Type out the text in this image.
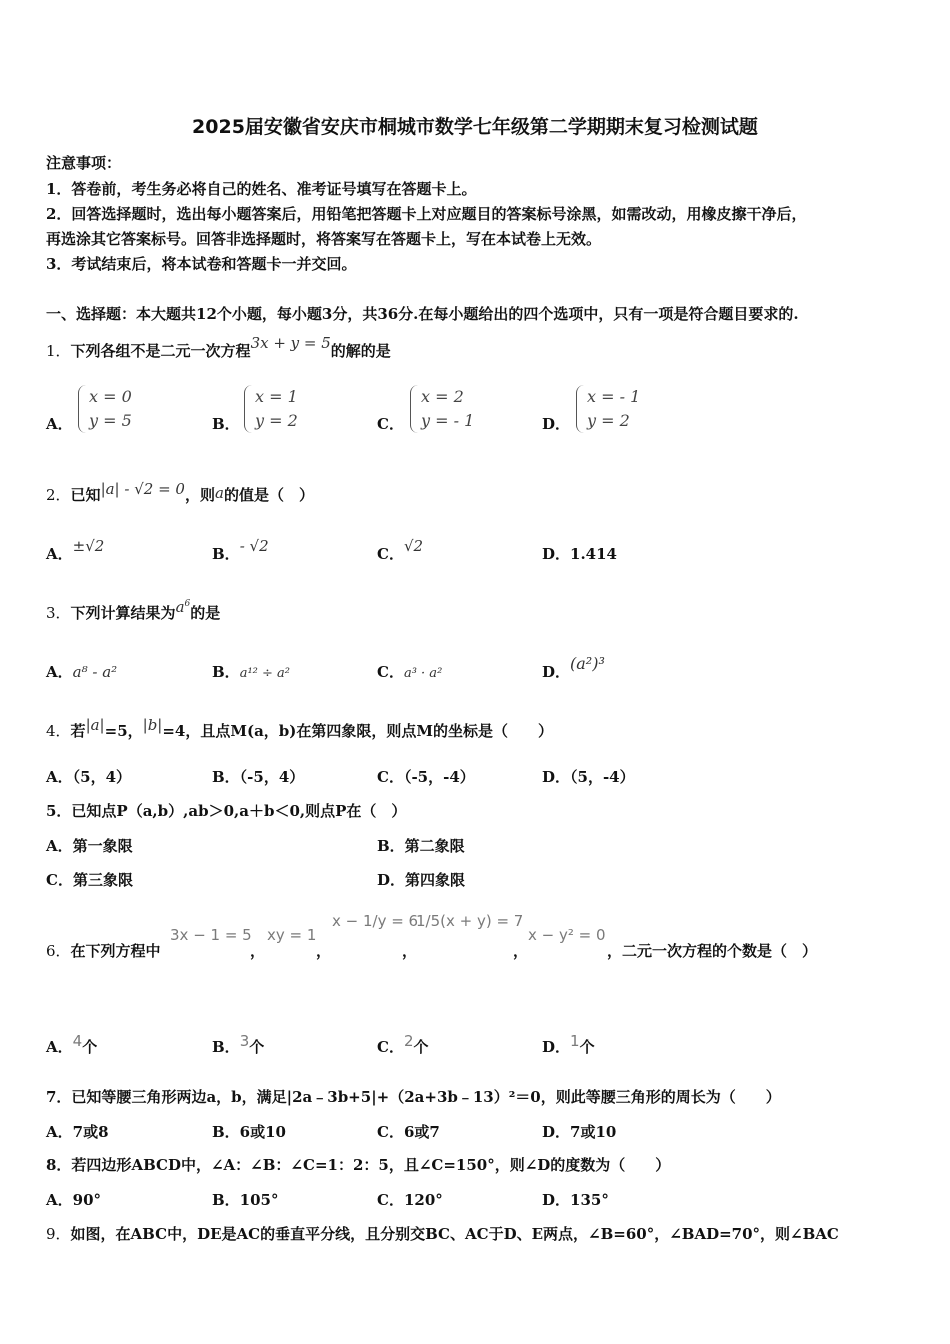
2025届安徽省安庆市桐城市数学七年级第二学期期末复习检测试题
注意事项：
1．答卷前，考生务必将自己的姓名、准考证号填写在答题卡上。
2．回答选择题时，选出每小题答案后，用铅笔把答题卡上对应题目的答案标号涂黑，如需改动，用橡皮擦干净后，
再选涂其它答案标号。回答非选择题时，将答案写在答题卡上，写在本试卷上无效。
3．考试结束后，将本试卷和答题卡一并交回。
一、选择题：本大题共12个小题，每小题3分，共36分.在每小题给出的四个选项中，只有一项是符合题目要求的.
1．下列各组不是二元一次方程3x + y = 5的解的是
A．
x = 0
y = 5	B．
x = 1
y = 2	C．
x = 2
y = - 1	D．
x = - 1
y = 2
2．已知|a| - √2 = 0，则a的值是（　）
A．±√2	B．- √2	C．√2	D．1.414
3．下列计算结果为$a^6$的是
A．a⁸ - a²	B．a¹² ÷ a²	C．a³ · a²	D．(a²)³
4．若|a|=5，|b|=4，且点M(a，b)在第四象限，则点M的坐标是（　　）
A．（5，4）	B．（-5，4）	C．（-5，-4）	D．（5，-4）
5．已知点P（a,b）,ab＞0,a＋b＜0,则点P在（　）
A．第一象限	B．第二象限
C．第三象限	D．第四象限
6．在下列方程中
3x − 1 = 5
，
xy = 1
，
x − 1/y = 6
，
1/5(x + y) = 7
，
x − y² = 0
，二元一次方程的个数是（　）
A．4个	B．3个	C．2个	D．1个
7．已知等腰三角形两边a，b，满足|2a﹣3b+5|+（2a+3b﹣13）²＝0，则此等腰三角形的周长为（　　）
A．7或8	B．6或10	C．6或7	D．7或10
8．若四边形ABCD中，∠A：∠B：∠C=1：2：5，且∠C=150°，则∠D的度数为（　　）
A．90°	B．105°	C．120°	D．135°
9．如图，在ABC中，DE是AC的垂直平分线，且分别交BC、AC于D、E两点，∠B=60°，∠BAD=70°，则∠BAC
